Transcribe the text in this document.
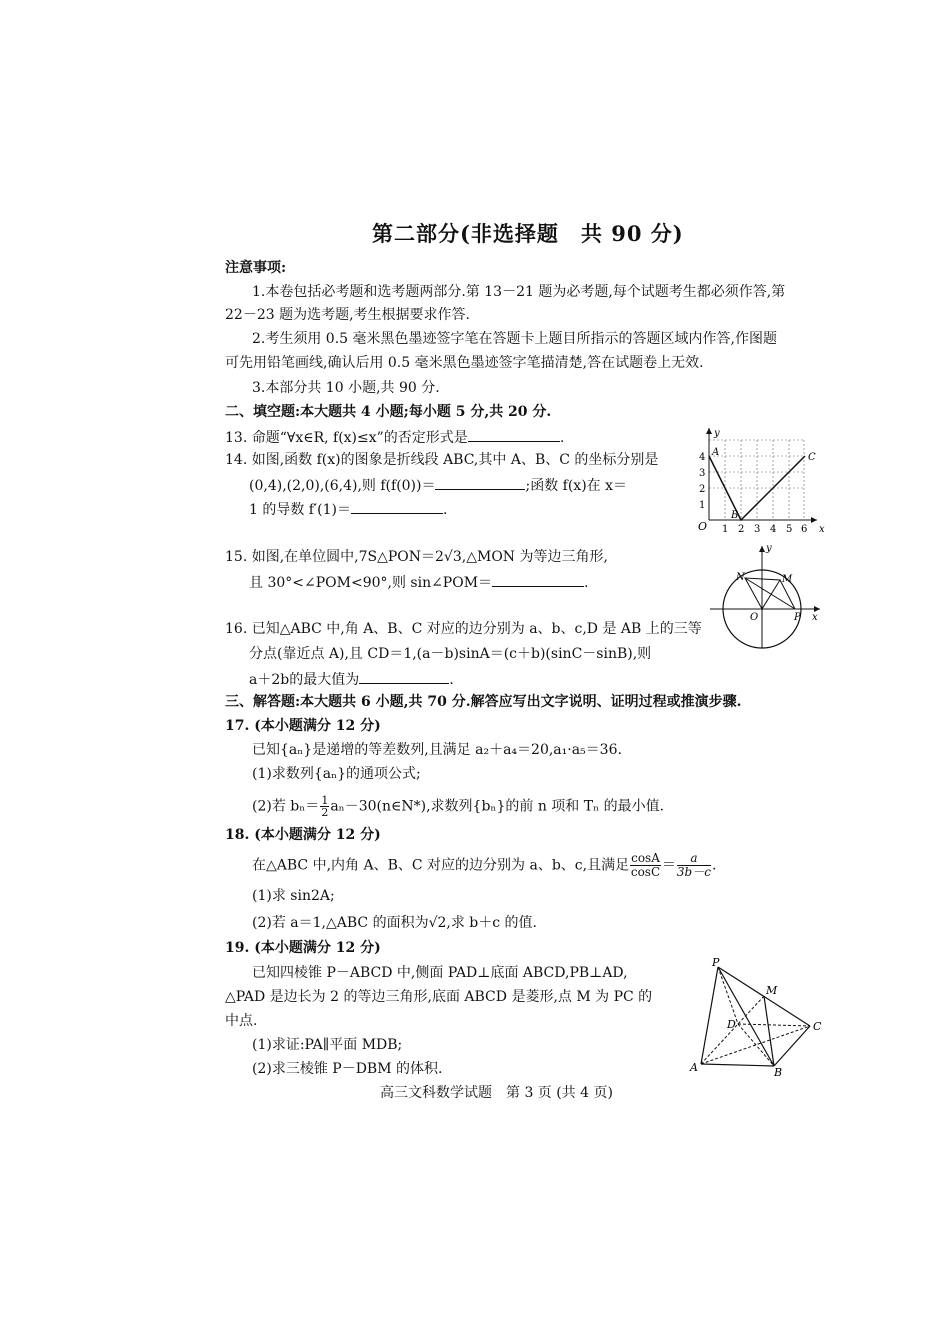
第二部分(非选择题　共 90 分)
注意事项:
1.本卷包括必考题和选考题两部分.第 13－21 题为必考题,每个试题考生都必须作答,第
22－23 题为选考题,考生根据要求作答.
2.考生须用 0.5 毫米黑色墨迹签字笔在答题卡上题目所指示的答题区域内作答,作图题
可先用铅笔画线,确认后用 0.5 毫米黑色墨迹签字笔描清楚,答在试题卷上无效.
3.本部分共 10 小题,共 90 分.
二、填空题:本大题共 4 小题;每小题 5 分,共 20 分.
13. 命题“∀x∈R, f(x)≤x”的否定形式是	.
14. 如图,函数 f(x)的图象是折线段 ABC,其中 A、B、C 的坐标分别是
(0,4),(2,0),(6,4),则 f(f(0))＝	;函数 f(x)在 x＝
1 的导数 f′(1)＝	.
y
x
O
4
3
2
1
1 2 3 4 5 6
A
B
C
15. 如图,在单位圆中,7S△PON＝2√3,△MON 为等边三角形,
且 30°<∠POM<90°,则 sin∠POM＝	.	N	M
O	P x
y
16. 已知△ABC 中,角 A、B、C 对应的边分别为 a、b、c,D 是 AB 上的三等
分点(靠近点 A),且 CD＝1,(a－b)sinA＝(c＋b)(sinC－sinB),则
a＋2b的最大值为	.
三、解答题:本大题共 6 小题,共 70 分.解答应写出文字说明、证明过程或推演步骤.
17. (本小题满分 12 分)
已知{aₙ}是递增的等差数列,且满足 a₂＋a₄＝20,a₁·a₅＝36.
(1)求数列{aₙ}的通项公式;
(2)若 $b_n= \frac{1}{2}$ aₙ－30(n∈N*),求数列{bₙ}的前 n 项和 Tₙ 的最小值.
18. (本小题满分 12 分)
在△ABC 中,内角 A、B、C 对应的边分别为 a、b、c,且满足 $\frac{\cos A}{\cos C} = \frac{a}{3b-c}$ .
(1)求 sin2A;
(2)若 a＝1,△ABC 的面积为√2,求 b＋c 的值.
19. (本小题满分 12 分)
已知四棱锥 P－ABCD 中,侧面 PAD⊥底面 ABCD,PB⊥AD,
△PAD 是边长为 2 的等边三角形,底面 ABCD 是菱形,点 M 为 PC 的
中点.
(1)求证:PA∥平面 MDB;
(2)求三棱锥 P－DBM 的体积.
P
M
D	C
A	B
高三文科数学试题　第 3 页 (共 4 页)
